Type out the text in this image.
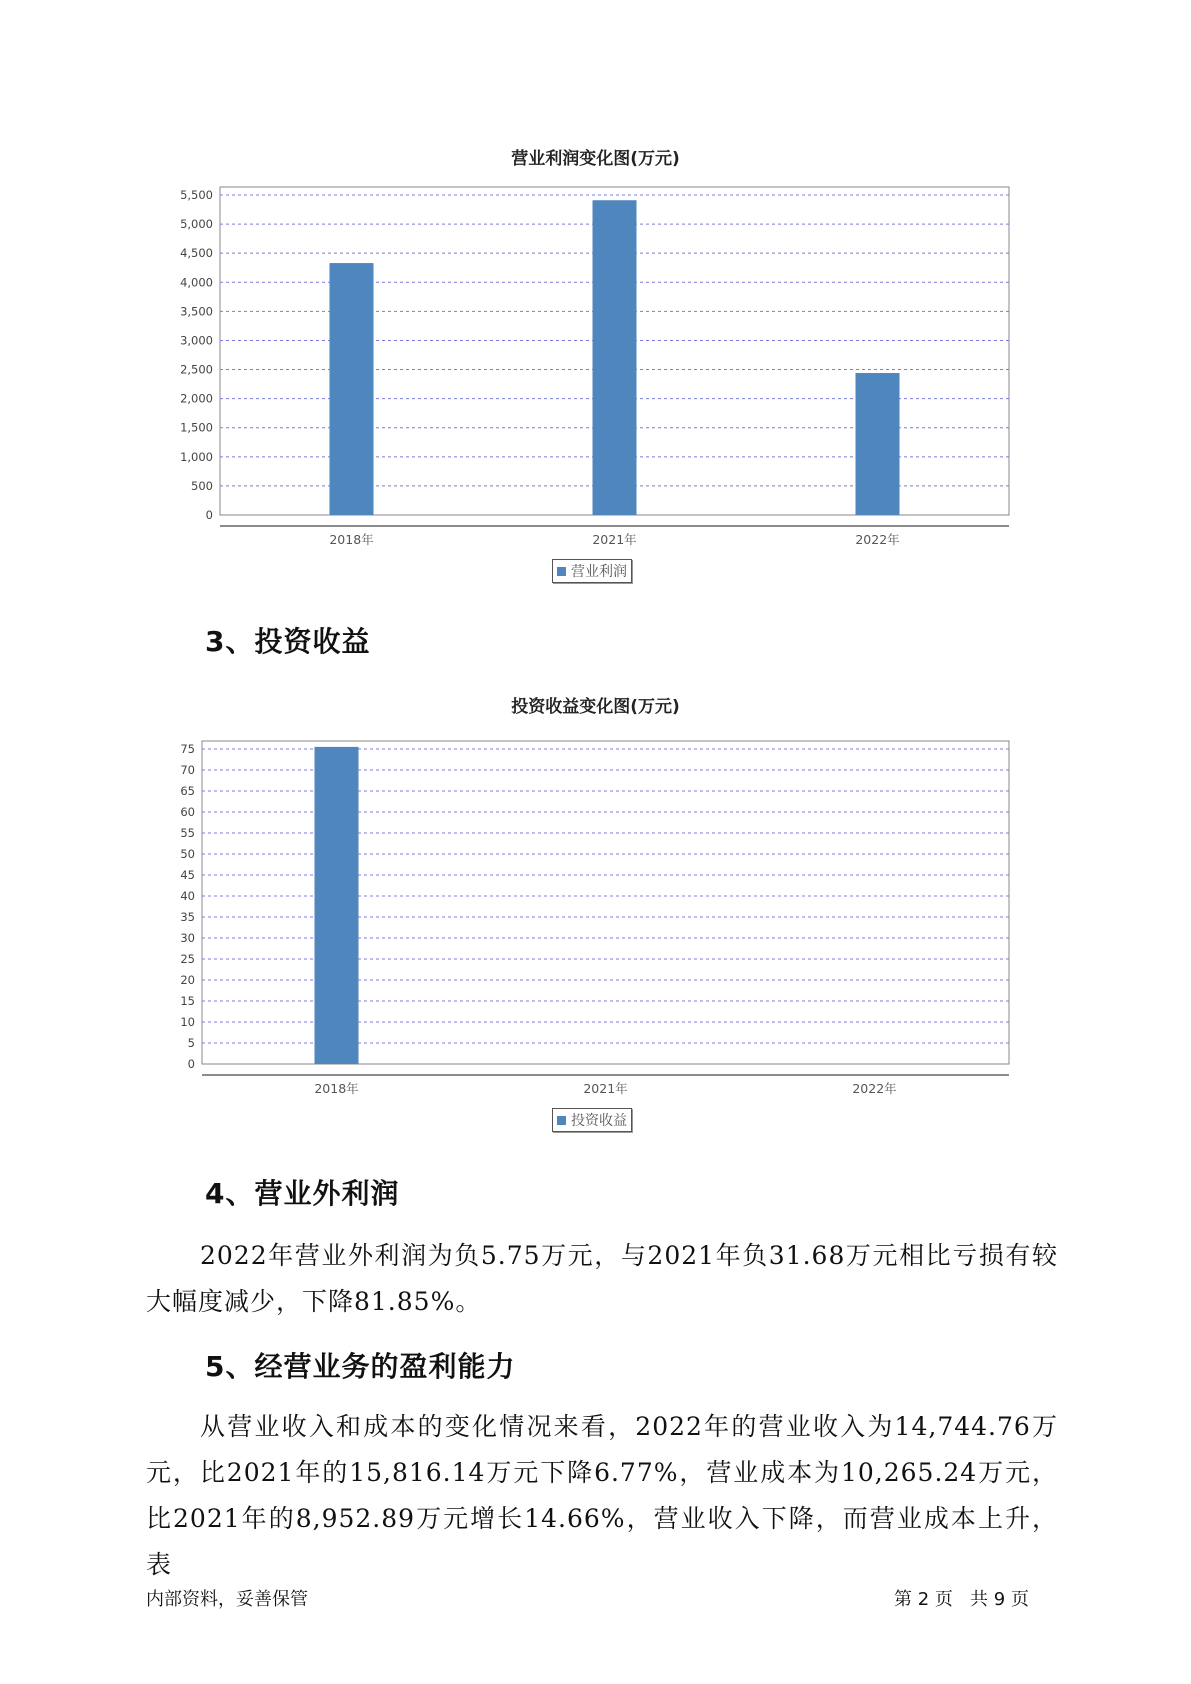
营业利润变化图(万元)
0
500
1,000
1,500
2,000
2,500
3,000
3,500
4,000
4,500
5,000
5,500
2018年	2021年	2022年
营业利润
3、投资收益
投资收益变化图(万元)
0
5
10
15
20
25
30
35
40
45
50
55
60
65
70
75
2018年	2021年	2022年
投资收益
4、营业外利润
2022年营业外利润为负5.75万元，与2021年负31.68万元相比亏损有较大幅度减少，下降81.85%。
5、经营业务的盈利能力
从营业收入和成本的变化情况来看，2022年的营业收入为14,744.76万元，比2021年的15,816.14万元下降6.77%，营业成本为10,265.24万元，比2021年的8,952.89万元增长14.66%，营业收入下降，而营业成本上升，表
内部资料，妥善保管	第 2 页   共 9 页
